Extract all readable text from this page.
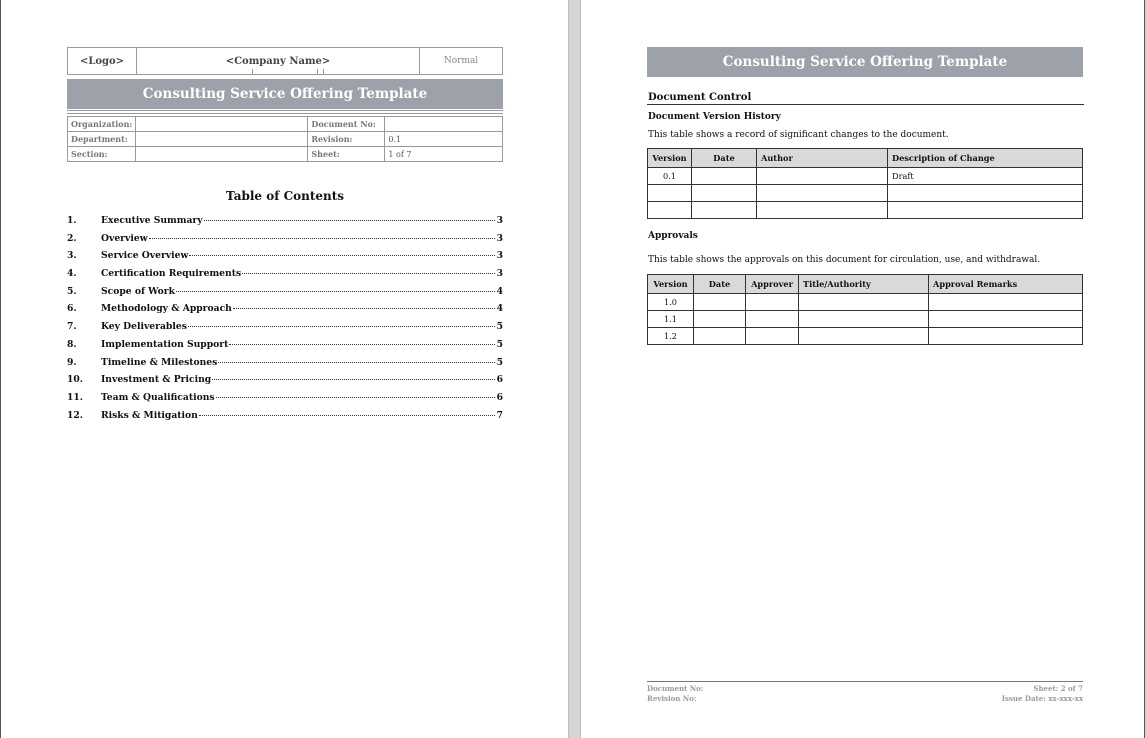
<Logo>	<Company Name>	Normal
Consulting Service Offering Template
Organization:		Document No:	
Department:		Revision:	0.1
Section:		Sheet:	1 of 7
Table of Contents
1.	Executive Summary	3
2.	Overview	3
3.	Service Overview	3
4.	Certification Requirements	3
5.	Scope of Work	4
6.	Methodology & Approach	4
7.	Key Deliverables	5
8.	Implementation Support	5
9.	Timeline & Milestones	5
10.	Investment & Pricing	6
11.	Team & Qualifications	6
12.	Risks & Mitigation	7
Consulting Service Offering Template
Document Control
Document Version History
This table shows a record of significant changes to the document.
Version	Date	Author	Description of Change
0.1			Draft

Approvals
This table shows the approvals on this document for circulation, use, and withdrawal.
Version	Date	Approver	Title/Authority	Approval Remarks
1.0				
1.1				
1.2				
Document No:	Sheet: 2 of 7
Revision No:	Issue Date: xx-xxx-xx
